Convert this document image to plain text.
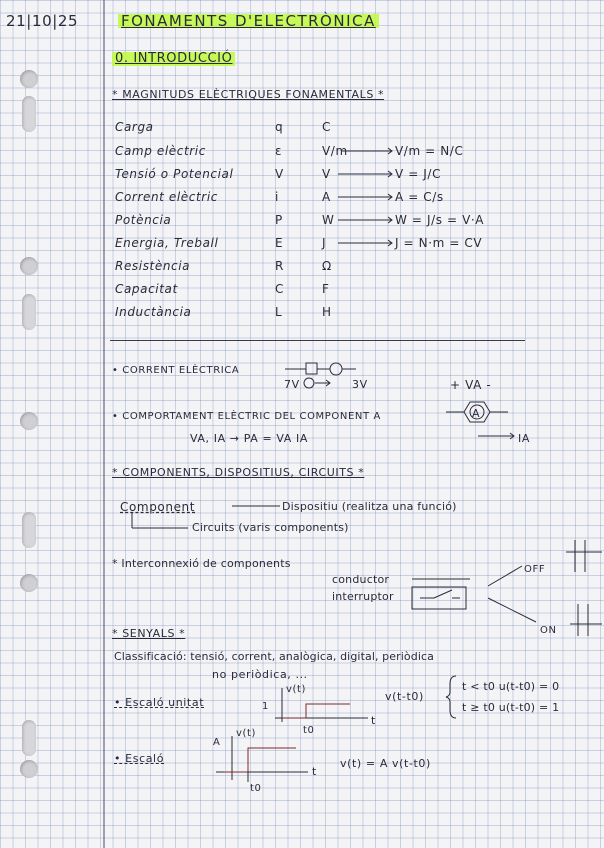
21|10|25	FONAMENTS D'ELECTRÒNICA
0. INTRODUCCIÓ
* MAGNITUDS ELÈCTRIQUES FONAMENTALS *
Carga	q	C
Camp elèctric	ε	V/m	V/m = N/C
Tensió o Potencial	V	V	V = J/C
Corrent elèctric	i	A	A = C/s
Potència	P	W	W = J/s = V·A
Energia, Treball	E	J	J = N·m = CV
Resistència	R	Ω
Capacitat	C	F
Inductància	L	H
• CORRENT ELÈCTRICA
7V	3V	+ VA -
• COMPORTAMENT ELÈCTRIC DEL COMPONENT A
VA, IA → PA = VA IA
A
IA
* COMPONENTS, DISPOSITIUS, CIRCUITS *
Component	Dispositiu (realitza una funció)
Circuits (varis components)
* Interconnexió de components
conductor
interruptor
OFF
ON
* SENYALS *
Classificació: tensió, corrent, analògica, digital, periòdica
no periòdica, ...
• Escaló unitat
v(t)
1
t
t0
v(t-t0)
t < t0 u(t-t0) = 0
t ≥ t0 u(t-t0) = 1
• Escaló
A
v(t)
t
t0
v(t) = A v(t-t0)
